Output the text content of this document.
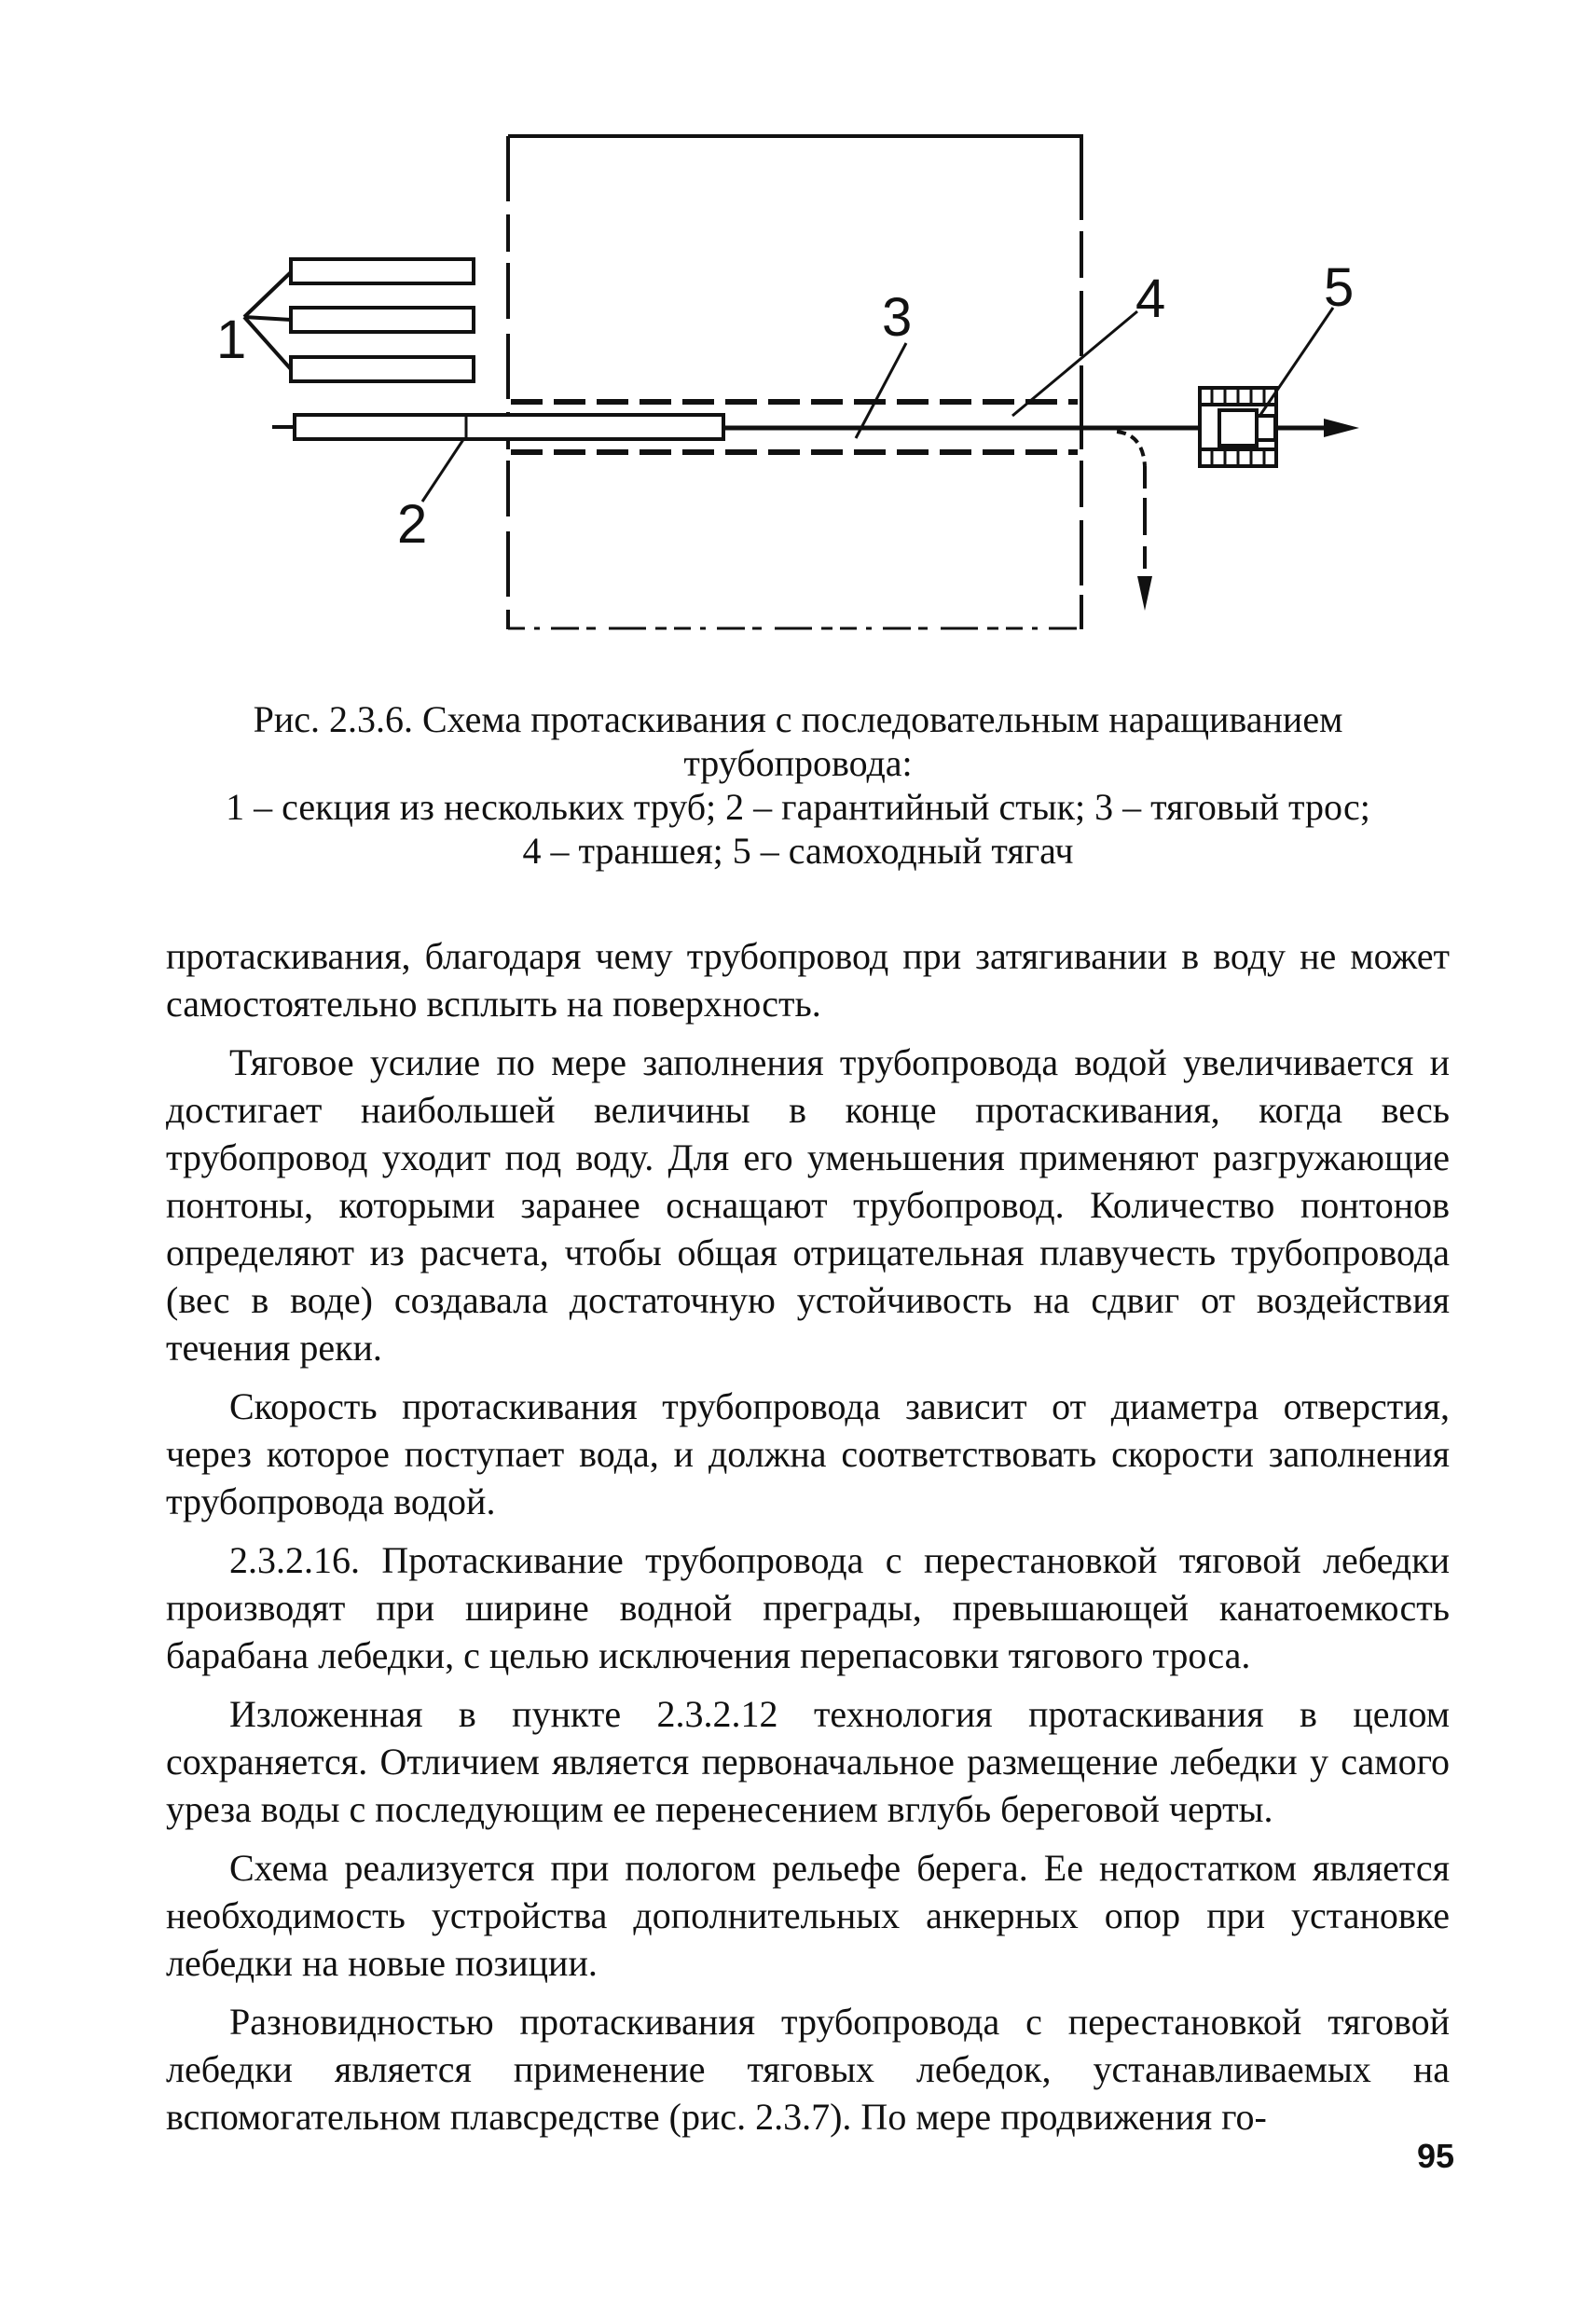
1
2
3	4	5
Рис. 2.3.6. Схема протаскивания с последовательным наращиванием
трубопровода:
1 – секция из нескольких труб; 2 – гарантийный стык; 3 – тяговый трос;
4 – траншея; 5 – самоходный тягач

протаскивания, благодаря чему трубопровод при затягивании в воду не может самостоятельно всплыть на поверхность.

Тяговое усилие по мере заполнения трубопровода водой увеличивается и достигает наибольшей величины в конце протаскивания, когда весь трубопровод уходит под воду. Для его уменьшения применяют разгружающие понтоны, которыми заранее оснащают трубопровод. Количество понтонов определяют из расчета, чтобы общая отрицательная плавучесть трубопровода (вес в воде) создавала достаточную устойчивость на сдвиг от воздействия течения реки.

Скорость протаскивания трубопровода зависит от диаметра отверстия, через которое поступает вода, и должна соответствовать скорости заполнения трубопровода водой.

2.3.2.16. Протаскивание трубопровода с перестановкой тяговой лебедки производят при ширине водной преграды, превышающей канатоемкость барабана лебедки, с целью исключения перепасовки тягового троса.

Изложенная в пункте 2.3.2.12 технология протаскивания в целом сохраняется. Отличием является первоначальное размещение лебедки у самого уреза воды с последующим ее перенесением вглубь береговой черты.

Схема реализуется при пологом рельефе берега. Ее недостатком является необходимость устройства дополнительных анкерных опор при установке лебедки на новые позиции.

Разновидностью протаскивания трубопровода с перестановкой тяговой лебедки является применение тяговых лебедок, устанавливаемых на вспомогательном плавсредстве (рис. 2.3.7). По мере продвижения го-

95
